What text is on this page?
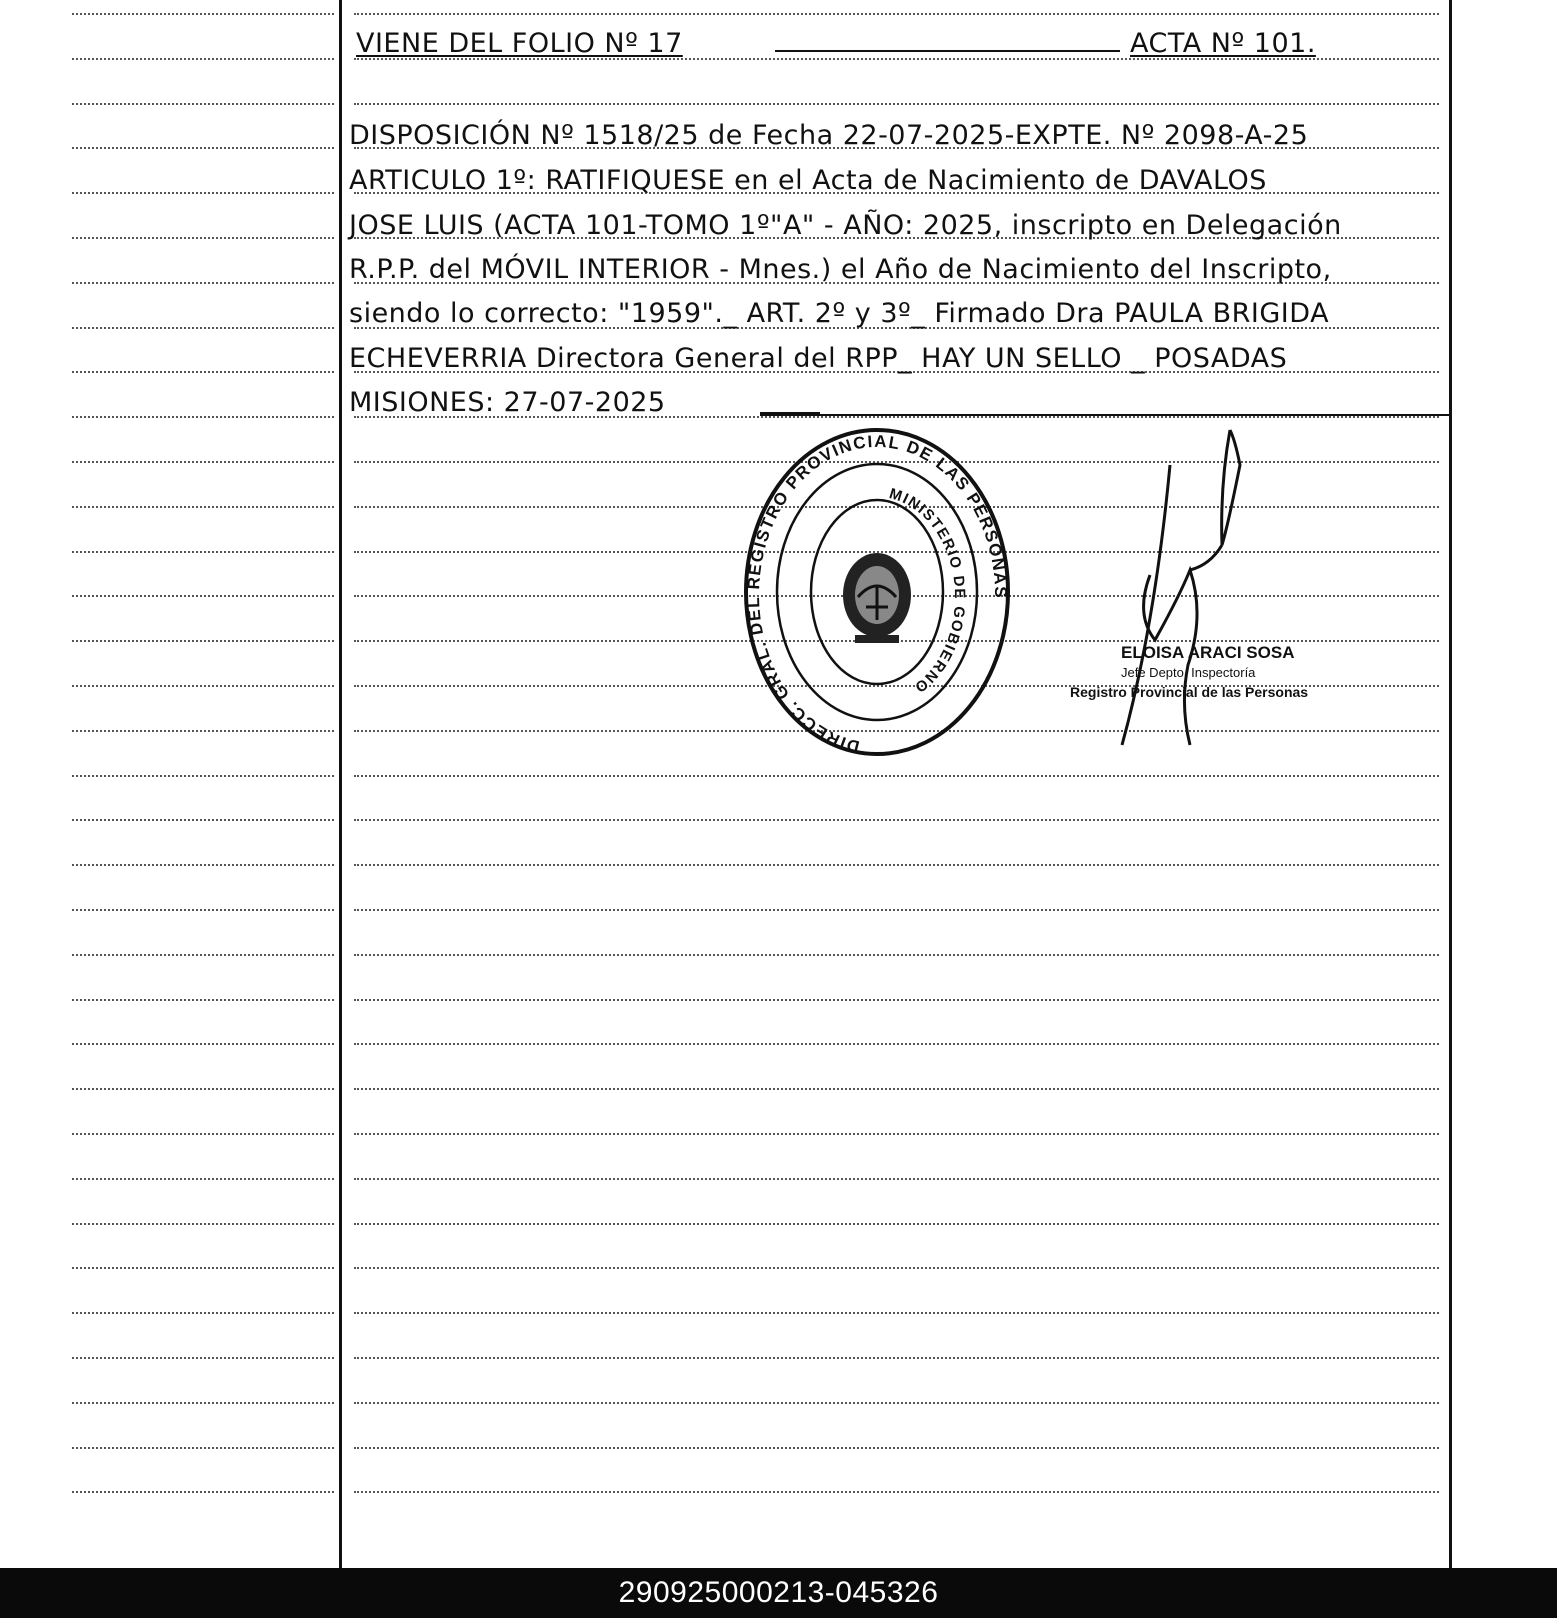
VIENE DEL FOLIO Nº 17	ACTA Nº 101.
DISPOSICIÓN Nº 1518/25 de Fecha 22-07-2025-EXPTE. Nº 2098-A-25
ARTICULO 1º: RATIFIQUESE en el Acta de Nacimiento de DAVALOS
JOSE LUIS (ACTA 101-TOMO 1º"A" - AÑO: 2025, inscripto en Delegación
R.P.P. del MÓVIL INTERIOR - Mnes.) el Año de Nacimiento del Inscripto,
siendo lo correcto: "1959"._ ART. 2º y 3º_ Firmado Dra PAULA BRIGIDA
ECHEVERRIA Directora General del RPP_ HAY UN SELLO _ POSADAS
MISIONES: 27-07-2025
DIRECC. GRAL. DEL REGISTRO PROVINCIAL DE LAS PERSONAS
MINISTERIO DE GOBIERNO
ELOISA ARACI SOSA
Jefe Depto. Inspectoría
Registro Provincial de las Personas
290925000213-045326
